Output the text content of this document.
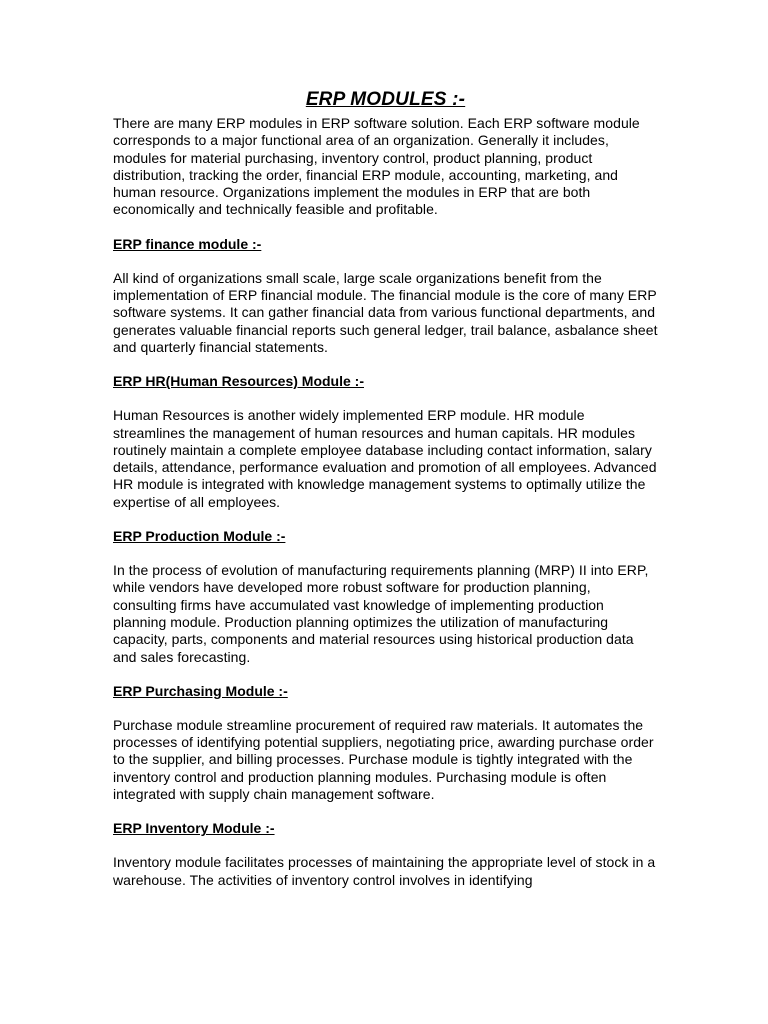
ERP MODULES :-

There are many ERP modules in ERP software solution. Each ERP software module corresponds to a major functional area of an organization. Generally it includes, modules for material purchasing, inventory control, product planning, product distribution, tracking the order, financial ERP module, accounting, marketing, and human resource. Organizations implement the modules in ERP that are both economically and technically feasible and profitable.

ERP finance module :-

All kind of organizations small scale, large scale organizations benefit from the implementation of ERP financial module. The financial module is the core of many ERP software systems. It can gather financial data from various functional departments, and generates valuable financial reports such general ledger, trail balance, asbalance sheet and quarterly financial statements.

ERP HR(Human Resources) Module :-

Human Resources is another widely implemented ERP module. HR module streamlines the management of human resources and human capitals. HR modules routinely maintain a complete employee database including contact information, salary details, attendance, performance evaluation and promotion of all employees. Advanced HR module is integrated with knowledge management systems to optimally utilize the expertise of all employees.

ERP Production Module :-

In the process of evolution of manufacturing requirements planning (MRP) II into ERP, while vendors have developed more robust software for production planning, consulting firms have accumulated vast knowledge of implementing production planning module. Production planning optimizes the utilization of manufacturing capacity, parts, components and material resources using historical production data and sales forecasting.

ERP Purchasing Module :-

Purchase module streamline procurement of required raw materials. It automates the processes of identifying potential suppliers, negotiating price, awarding purchase order to the supplier, and billing processes. Purchase module is tightly integrated with the inventory control and production planning modules. Purchasing module is often integrated with supply chain management software.

ERP Inventory Module :-

Inventory module facilitates processes of maintaining the appropriate level of stock in a warehouse. The activities of inventory control involves in identifying
